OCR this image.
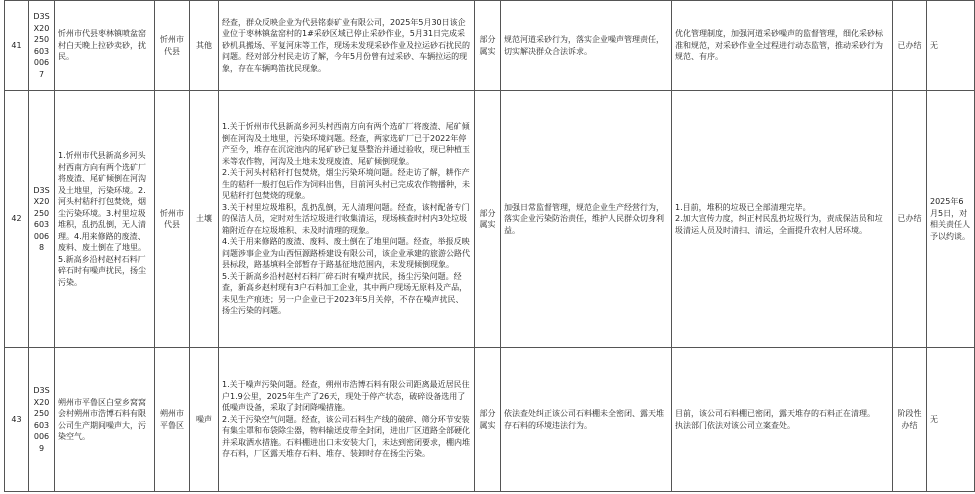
41	D3SX202506030067	忻州市代县枣林镇喷盆窑村白天晚上拉砂卖砂，扰民。	忻州市代县	其他	经查，群众反映企业为代县铭泰矿业有限公司，2025年5月30日该企业位于枣林镇盆窑村的1#采砂区域已停止采砂作业，5月31日完成采砂机具搬场、平复河床等工作，现场未发现采砂作业及拉运砂石扰民的问题。经对部分村民走访了解，今年5月份曾有过采砂、车辆拉运的现象，存在车辆鸣笛扰民现象。	部分属实	规范河道采砂行为，落实企业噪声管理责任，切实解决群众合法诉求。	优化管理制度，加强河道采砂噪声的监督管理，细化采砂标准和规范，对采砂作业全过程进行动态监管，推动采砂行为规范、有序。	已办结	无
42	D3SX202506030068	1.忻州市代县新高乡河头村西南方向有两个选矿厂将废渣、尾矿倾倒在河沟及土地里，污染环境。2.河头村秸秆打包焚烧，烟尘污染环境。3.村里垃圾堆积，乱扔乱倒，无人清理。4.用来修路的废渣、废料、废土倒在了地里。5.新高乡沿村赵村石料厂碎石时有噪声扰民，扬尘污染。	忻州市代县	土壤	1.关于忻州市代县新高乡河头村西南方向有两个选矿厂将废渣、尾矿倾倒在河沟及土地里，污染环境问题。经查，两家选矿厂已于2022年停产至今，堆存在沉淀池内的尾矿砂已复垦整治并通过验收，现已种植玉米等农作物，河沟及土地未发现废渣、尾矿倾倒现象。
2.关于河头村秸秆打包焚烧，烟尘污染环境问题。经走访了解，耕作产生的秸秆一般打包后作为饲料出售，目前河头村已完成农作物播种，未见秸秆打包焚烧的现象。
3.关于村里垃圾堆积，乱扔乱倒，无人清理问题。经查，该村配备专门的保洁人员，定时对生活垃圾进行收集清运，现场核查时村内3处垃圾箱附近存在垃圾堆积、未及时清理的现象。
4.关于用来修路的废渣、废料、废土倒在了地里问题。经查，举报反映问题涉事企业为山西恒源路桥建设有限公司，该企业承建的旅游公路代县标段，路基填料全部暂存于路基征地范围内，未发现倾倒现象。
5.关于新高乡沿村赵村石料厂碎石时有噪声扰民，扬尘污染问题。经查，新高乡赵村现有3户石料加工企业，其中两户现场无原料及产品，未见生产痕迹；另一户企业已于2023年5月关停，不存在噪声扰民、扬尘污染的问题。	部分属实	加强日常监督管理，规范企业生产经营行为，落实企业污染防治责任，维护人民群众切身利益。	1.目前，堆积的垃圾已全部清理完毕。
2.加大宣传力度，纠正村民乱扔垃圾行为，责成保洁员和垃圾清运人员及时清扫、清运，全面提升农村人居环境。	已办结	2025年6月5日，对相关责任人予以约谈。
43	D3SX202506030069	朔州市平鲁区白堂乡窝窝会村朔州市浩博石料有限公司生产期间噪声大，污染空气。	朔州市平鲁区	噪声	1.关于噪声污染问题。经查，朔州市浩博石料有限公司距离最近居民住户1.9公里，2025年生产了26天，现处于停产状态，破碎设备选用了低噪声设备，采取了封闭降噪措施。
2.关于污染空气问题。经查，该公司石料生产线的破碎、筛分环节安装有集尘罩和布袋除尘器，物料输送皮带全封闭，进出厂区道路全部硬化并采取洒水措施。石料棚进出口未安装大门，未达到密闭要求，棚内堆存石料，厂区露天堆存石料、堆存、装卸时存在扬尘污染。	部分属实	依法查处纠正该公司石料棚未全密闭、露天堆存石料的环境违法行为。	目前，该公司石料棚已密闭，露天堆存的石料正在清理。
执法部门依法对该公司立案查处。	阶段性办结	无
